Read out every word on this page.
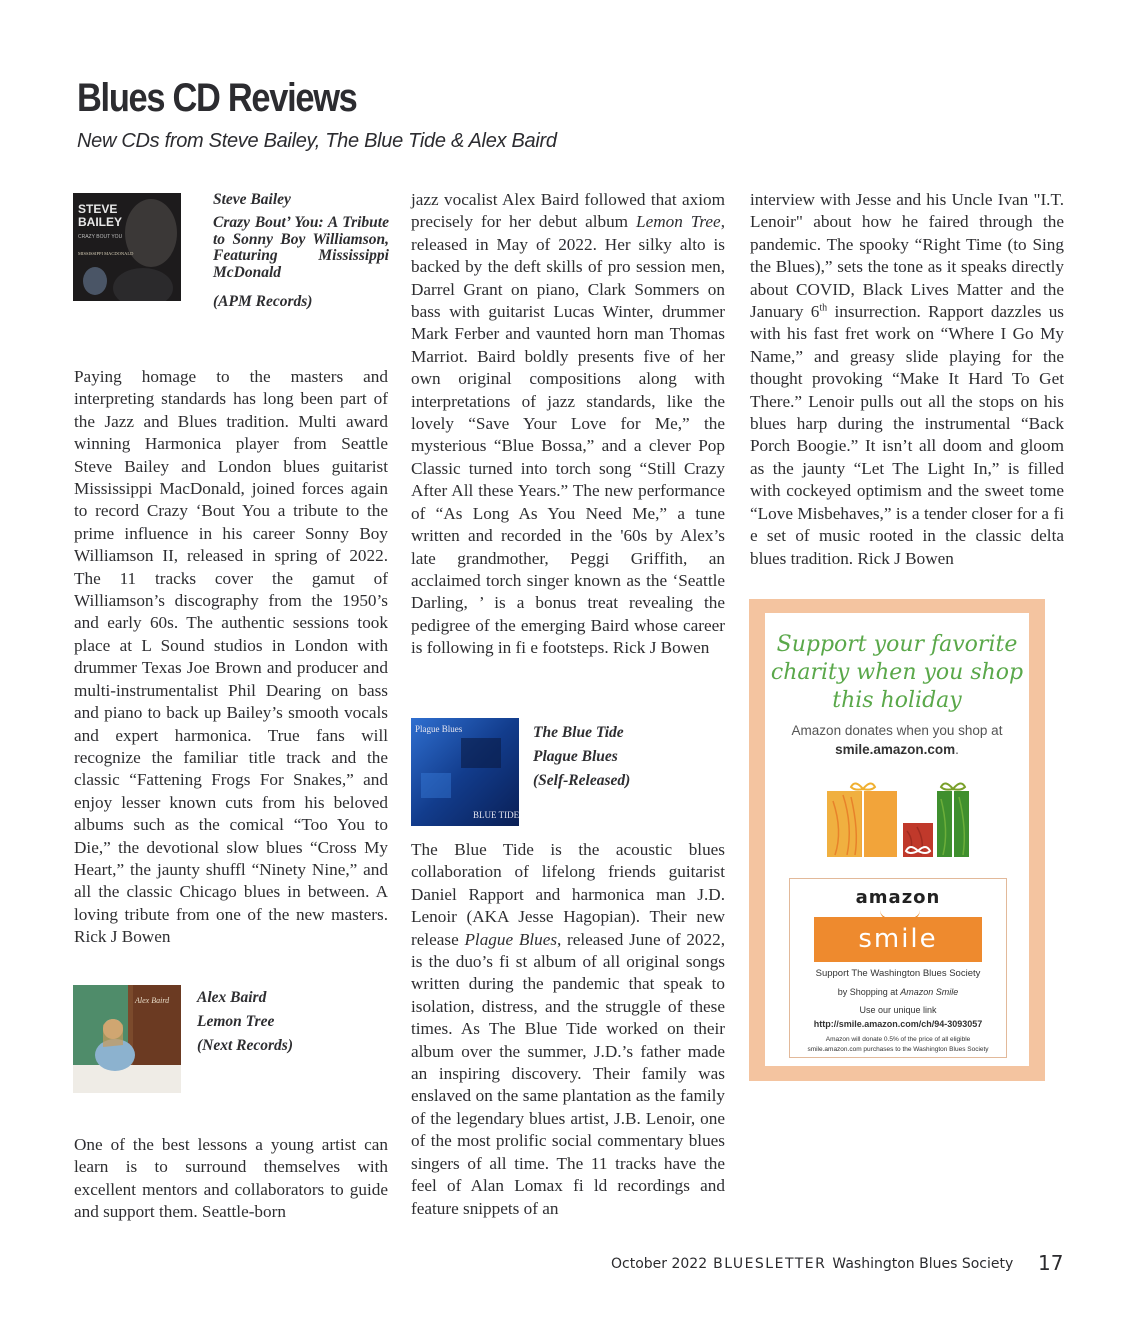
Blues CD Reviews
New CDs from Steve Bailey, The Blue Tide & Alex Baird
STEVE
BAILEY
CRAZY BOUT YOU
MISSISSIPPI MACDONALD
Steve Bailey
Crazy Bout’ You: A Tribute to Sonny Boy Williamson, Featuring Mississippi McDonald
(APM Records)

Paying homage to the masters and interpreting standards has long been part of the Jazz and Blues tradition. Multi award winning Harmonica player from Seattle Steve Bailey and London blues guitarist Mississippi MacDonald, joined forces again to record Crazy ‘Bout You a tribute to the prime influence in his career Sonny Boy Williamson II, released in spring of 2022. The 11 tracks cover the gamut of Williamson’s discography from the 1950’s and early 60s. The authentic sessions took place at L Sound studios in London with drummer Texas Joe Brown and producer and multi-instrumentalist Phil Dearing on bass and piano to back up Bailey’s smooth vocals and expert harmonica. True fans will recognize the familiar title track and the classic “Fattening Frogs For Snakes,” and enjoy lesser known cuts from his beloved albums such as the comical “Too You to Die,” the devotional slow blues “Cross My Heart,” the jaunty shuffl “Ninety Nine,” and all the classic Chicago blues in between. A loving tribute from one of the new masters. Rick J Bowen

Alex Baird Alex Baird
Lemon Tree
(Next Records)

One of the best lessons a young artist can learn is to surround themselves with excellent mentors and collaborators to guide and support them. Seattle-born

jazz vocalist Alex Baird followed that axiom precisely for her debut album Lemon Tree, released in May of 2022. Her silky alto is backed by the deft skills of pro session men, Darrel Grant on piano, Clark Sommers on bass with guitarist Lucas Winter, drummer Mark Ferber and vaunted horn man Thomas Marriot. Baird boldly presents five of her own original compositions along with interpretations of jazz standards, like the lovely “Save Your Love for Me,” the mysterious “Blue Bossa,” and a clever Pop Classic turned into torch song “Still Crazy After All these Years.” The new performance of “As Long As You Need Me,” a tune written and recorded in the '60s by Alex’s late grandmother, Peggi Griffith, an acclaimed torch singer known as the ‘Seattle Darling, ’ is a bonus treat revealing the pedigree of the emerging Baird whose career is following in fi e footsteps. Rick J Bowen

Plague Blues
BLUE TIDE
The Blue Tide
Plague Blues
(Self-Released)

The Blue Tide is the acoustic blues collaboration of lifelong friends guitarist Daniel Rapport and harmonica man J.D. Lenoir (AKA Jesse Hagopian). Their new release Plague Blues, released June of 2022, is the duo’s fi st album of all original songs written during the pandemic that speak to isolation, distress, and the struggle of these times. As The Blue Tide worked on their album over the summer, J.D.’s father made an inspiring discovery. Their family was enslaved on the same plantation as the family of the legendary blues artist, J.B. Lenoir, one of the most prolific social commentary blues singers of all time. The 11 tracks have the feel of Alan Lomax fi ld recordings and feature snippets of an

interview with Jesse and his Uncle Ivan "I.T. Lenoir" about how he faired through the pandemic. The spooky “Right Time (to Sing the Blues),” sets the tone as it speaks directly about COVID, Black Lives Matter and the January 6th insurrection. Rapport dazzles us with his fast fret work on “Where I Go My Name,” and greasy slide playing for the thought provoking “Make It Hard To Get There.” Lenoir pulls out all the stops on his blues harp during the instrumental “Back Porch Boogie.” It isn’t all doom and gloom as the jaunty “Let The Light In,” is filled with cockeyed optimism and the sweet tome “Love Misbehaves,” is a tender closer for a fi e set of music rooted in the classic delta blues tradition. Rick J Bowen

Support your favorite charity when you shop this holiday
Amazon donates when you shop at smile.amazon.com.
amazon
smile
Support The Washington Blues Society
by Shopping at Amazon Smile
Use our unique link
http://smile.amazon.com/ch/94-3093057
Amazon will donate 0.5% of the price of all eligible
smile.amazon.com purchases to the Washington Blues Society
October 2022 BLUESLETTER Washington Blues Society 17
